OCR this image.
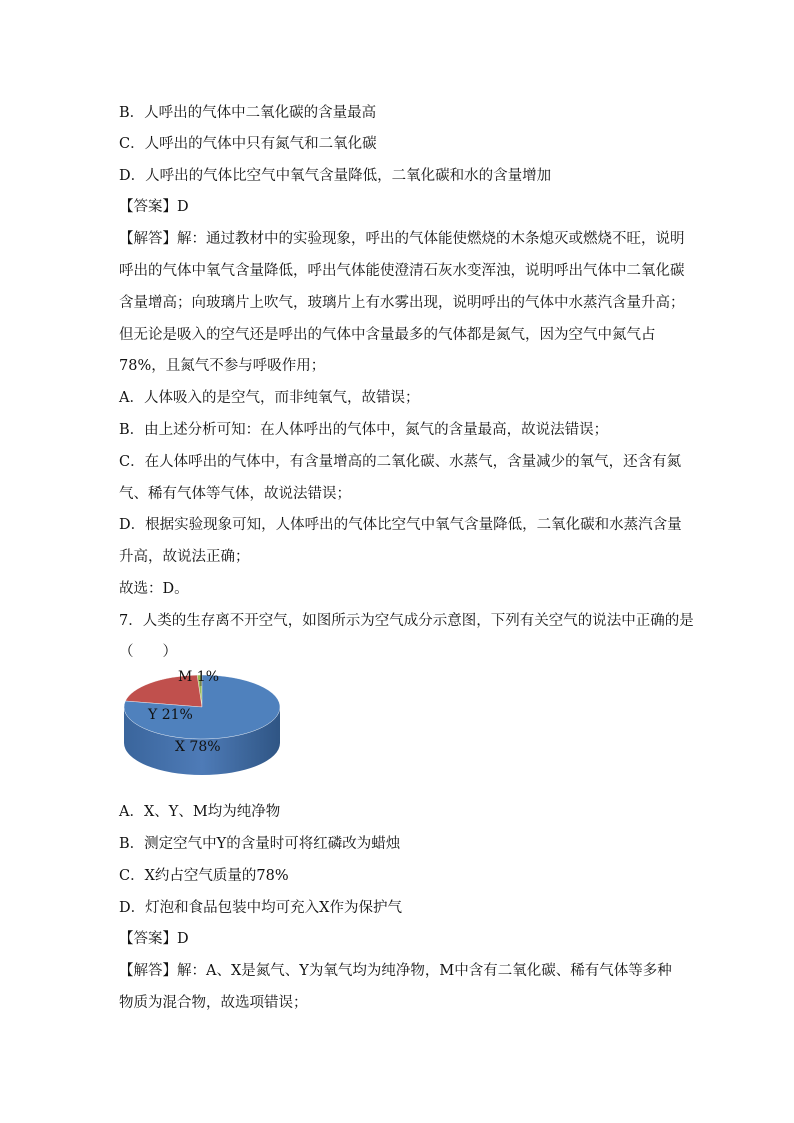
B．人呼出的气体中二氧化碳的含量最高
C．人呼出的气体中只有氮气和二氧化碳
D．人呼出的气体比空气中氧气含量降低，二氧化碳和水的含量增加
【答案】D
【解答】解：通过教材中的实验现象，呼出的气体能使燃烧的木条熄灭或燃烧不旺，说明
呼出的气体中氧气含量降低，呼出气体能使澄清石灰水变浑浊，说明呼出气体中二氧化碳
含量增高；向玻璃片上吹气，玻璃片上有水雾出现，说明呼出的气体中水蒸汽含量升高；
但无论是吸入的空气还是呼出的气体中含量最多的气体都是氮气，因为空气中氮气占
78%，且氮气不参与呼吸作用；
A．人体吸入的是空气，而非纯氧气，故错误；
B．由上述分析可知：在人体呼出的气体中，氮气的含量最高，故说法错误；
C．在人体呼出的气体中，有含量增高的二氧化碳、水蒸气，含量减少的氧气，还含有氮
气、稀有气体等气体，故说法错误；
D．根据实验现象可知，人体呼出的气体比空气中氧气含量降低，二氧化碳和水蒸汽含量
升高，故说法正确；
故选：D。
7．人类的生存离不开空气，如图所示为空气成分示意图，下列有关空气的说法中正确的是
（　　）
M 1%
Y 21%
X 78%
A．X、Y、M均为纯净物
B．测定空气中Y的含量时可将红磷改为蜡烛
C．X约占空气质量的78%
D．灯泡和食品包装中均可充入X作为保护气
【答案】D
【解答】解：A、X是氮气、Y为氧气均为纯净物，M中含有二氧化碳、稀有气体等多种
物质为混合物，故选项错误；
